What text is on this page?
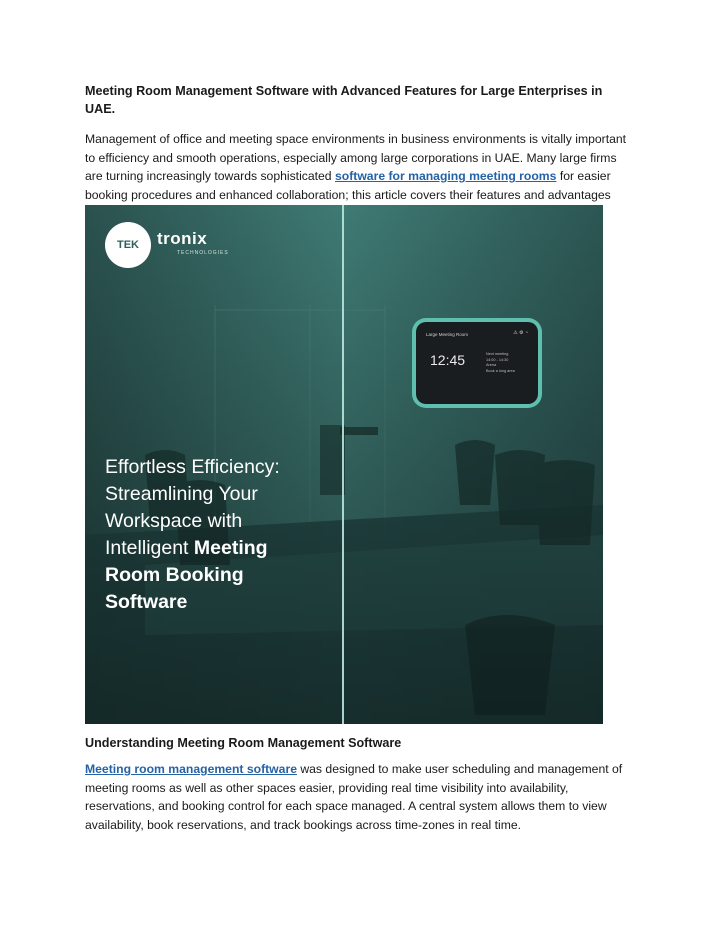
Meeting Room Management Software with Advanced Features for Large Enterprises in UAE.

Management of office and meeting space environments in business environments is vitally important to efficiency and smooth operations, especially among large corporations in UAE. Many large firms are turning increasingly towards sophisticated software for managing meeting rooms for easier booking procedures and enhanced collaboration; this article covers their features and advantages

TEK tronix
TECHNOLOGIES
Large Meeting Room	⚠ ⚙ ◔
12:45	Next meeting
14:00 - 14:30
Arena
Book a long area
Effortless Efficiency:
Streamlining Your
Workspace with
Intelligent Meeting
Room Booking
Software
Understanding Meeting Room Management Software

Meeting room management software was designed to make user scheduling and management of meeting rooms as well as other spaces easier, providing real time visibility into availability, reservations, and booking control for each space managed. A central system allows them to view availability, book reservations, and track bookings across time-zones in real time.
